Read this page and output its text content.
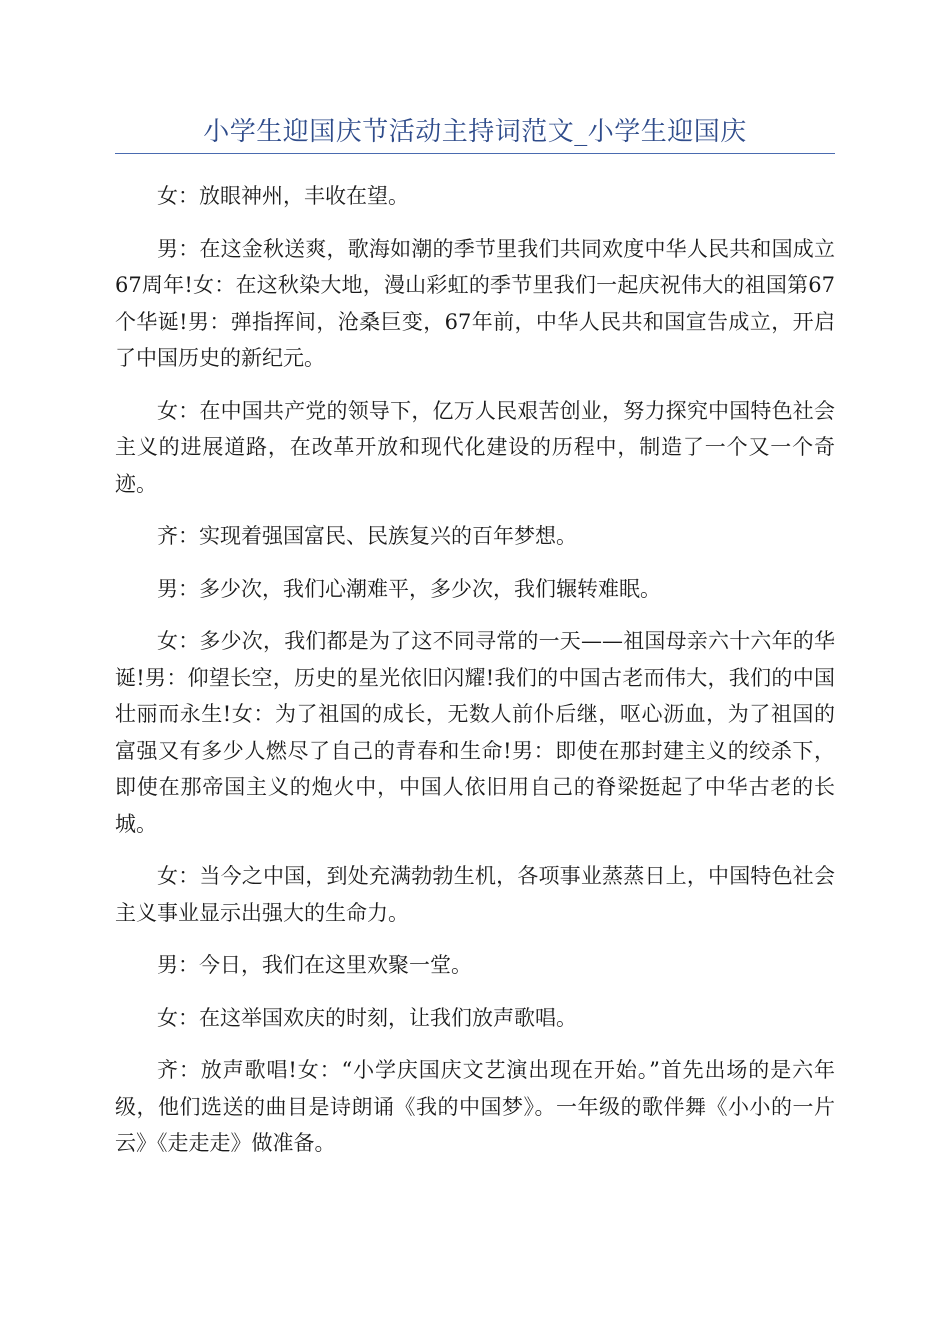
小学生迎国庆节活动主持词范文_小学生迎国庆

女：放眼神州，丰收在望。

男：在这金秋送爽，歌海如潮的季节里我们共同欢度中华人民共和国成立67周年!女：在这秋染大地，漫山彩虹的季节里我们一起庆祝伟大的祖国第67个华诞!男：弹指挥间，沧桑巨变，67年前，中华人民共和国宣告成立，开启了中国历史的新纪元。

女：在中国共产党的领导下，亿万人民艰苦创业，努力探究中国特色社会主义的进展道路，在改革开放和现代化建设的历程中，制造了一个又一个奇迹。

齐：实现着强国富民、民族复兴的百年梦想。

男：多少次，我们心潮难平，多少次，我们辗转难眠。

女：多少次，我们都是为了这不同寻常的一天——祖国母亲六十六年的华诞!男：仰望长空，历史的星光依旧闪耀!我们的中国古老而伟大，我们的中国壮丽而永生!女：为了祖国的成长，无数人前仆后继，呕心沥血，为了祖国的富强又有多少人燃尽了自己的青春和生命!男：即使在那封建主义的绞杀下，即使在那帝国主义的炮火中，中国人依旧用自己的脊梁挺起了中华古老的长城。

女：当今之中国，到处充满勃勃生机，各项事业蒸蒸日上，中国特色社会主义事业显示出强大的生命力。

男：今日，我们在这里欢聚一堂。

女：在这举国欢庆的时刻，让我们放声歌唱。

齐：放声歌唱!女：“小学庆国庆文艺演出现在开始。”首先出场的是六年级，他们选送的曲目是诗朗诵《我的中国梦》。一年级的歌伴舞《小小的一片云》《走走走》做准备。
